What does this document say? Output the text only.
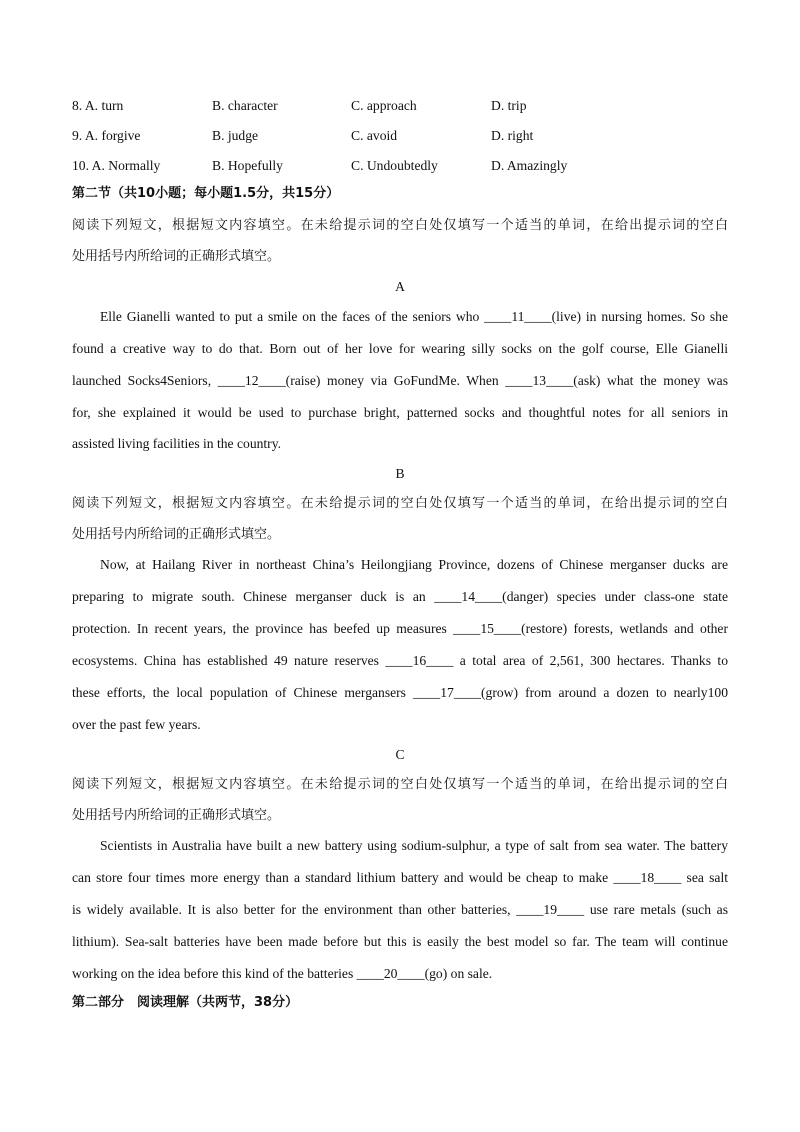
8. A. turn	B. character	C. approach	D. trip
9. A. forgive	B. judge	C. avoid	D. right
10. A. Normally	B. Hopefully	C. Undoubtedly	D. Amazingly
第二节（共10小题；每小题1.5分，共15分）
阅读下列短文，根据短文内容填空。在未给提示词的空白处仅填写一个适当的单词，在给出提示词的空白
处用括号内所给词的正确形式填空。
A
Elle Gianelli wanted to put a smile on the faces of the seniors who ____11____(live) in nursing homes. So she
found a creative way to do that. Born out of her love for wearing silly socks on the golf course, Elle Gianelli
launched Socks4Seniors, ____12____(raise) money via GoFundMe. When ____13____(ask) what the money was
for, she explained it would be used to purchase bright, patterned socks and thoughtful notes for all seniors in
assisted living facilities in the country.
B
阅读下列短文，根据短文内容填空。在未给提示词的空白处仅填写一个适当的单词，在给出提示词的空白
处用括号内所给词的正确形式填空。
Now, at Hailang River in northeast China’s Heilongjiang Province, dozens of Chinese merganser ducks are
preparing to migrate south. Chinese merganser duck is an ____14____(danger) species under class-one state
protection. In recent years, the province has beefed up measures ____15____(restore) forests, wetlands and other
ecosystems. China has established 49 nature reserves ____16____ a total area of 2,561, 300 hectares. Thanks to
these efforts, the local population of Chinese mergansers ____17____(grow) from around a dozen to nearly100
over the past few years.
C
阅读下列短文，根据短文内容填空。在未给提示词的空白处仅填写一个适当的单词，在给出提示词的空白
处用括号内所给词的正确形式填空。
Scientists in Australia have built a new battery using sodium-sulphur, a type of salt from sea water. The battery
can store four times more energy than a standard lithium battery and would be cheap to make ____18____ sea salt
is widely available. It is also better for the environment than other batteries, ____19____ use rare metals (such as
lithium). Sea-salt batteries have been made before but this is easily the best model so far. The team will continue
working on the idea before this kind of the batteries ____20____(go) on sale.
第二部分　阅读理解（共两节，38分）
